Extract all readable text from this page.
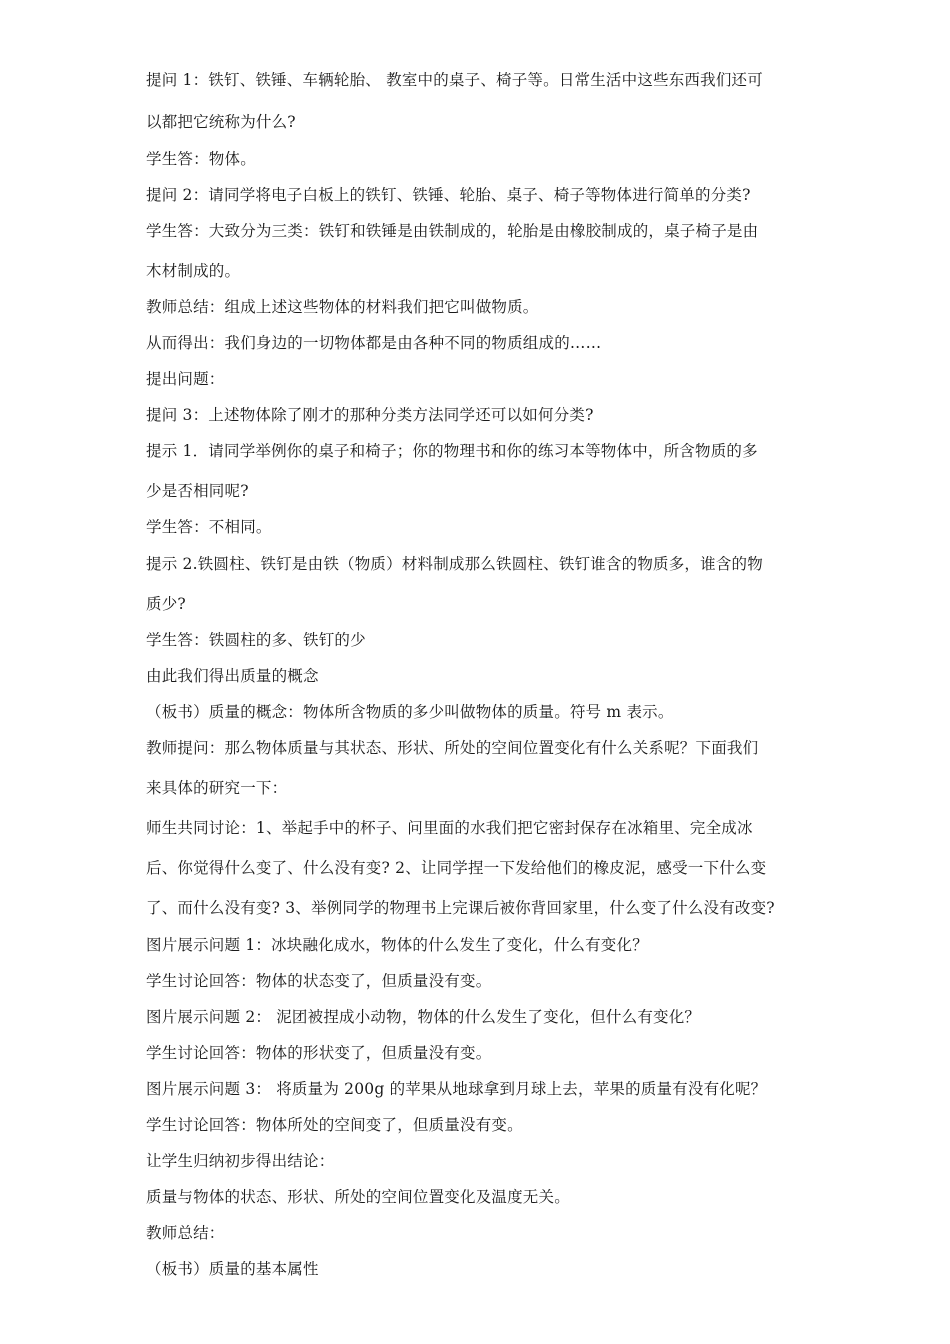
提问 1：铁钉、铁锤、车辆轮胎、 教室中的桌子、椅子等。日常生活中这些东西我们还可
以都把它统称为什么?
学生答：物体。
提问 2：请同学将电子白板上的铁钉、铁锤、轮胎、桌子、椅子等物体进行简单的分类?
学生答：大致分为三类：铁钉和铁锤是由铁制成的，轮胎是由橡胶制成的，桌子椅子是由
木材制成的。
教师总结：组成上述这些物体的材料我们把它叫做物质。
从而得出：我们身边的一切物体都是由各种不同的物质组成的……
提出问题：
提问 3：上述物体除了刚才的那种分类方法同学还可以如何分类?
提示 1．请同学举例你的桌子和椅子；你的物理书和你的练习本等物体中，所含物质的多
少是否相同呢?
学生答：不相同。
提示 2.铁圆柱、铁钉是由铁（物质）材料制成那么铁圆柱、铁钉谁含的物质多，谁含的物
质少?
学生答：铁圆柱的多、铁钉的少
由此我们得出质量的概念
（板书）质量的概念：物体所含物质的多少叫做物体的质量。符号 m 表示。
教师提问：那么物体质量与其状态、形状、所处的空间位置变化有什么关系呢？下面我们
来具体的研究一下：
师生共同讨论：1、举起手中的杯子、问里面的水我们把它密封保存在冰箱里、完全成冰
后、你觉得什么变了、什么没有变? 2、让同学捏一下发给他们的橡皮泥，感受一下什么变
了、而什么没有变? 3、举例同学的物理书上完课后被你背回家里，什么变了什么没有改变?
图片展示问题 1：冰块融化成水，物体的什么发生了变化，什么有变化？
学生讨论回答：物体的状态变了，但质量没有变。
图片展示问题 2： 泥团被捏成小动物，物体的什么发生了变化，但什么有变化？
学生讨论回答：物体的形状变了，但质量没有变。
图片展示问题 3： 将质量为 200g 的苹果从地球拿到月球上去，苹果的质量有没有化呢？
学生讨论回答：物体所处的空间变了，但质量没有变。
让学生归纳初步得出结论：
质量与物体的状态、形状、所处的空间位置变化及温度无关。
教师总结：
（板书）质量的基本属性
